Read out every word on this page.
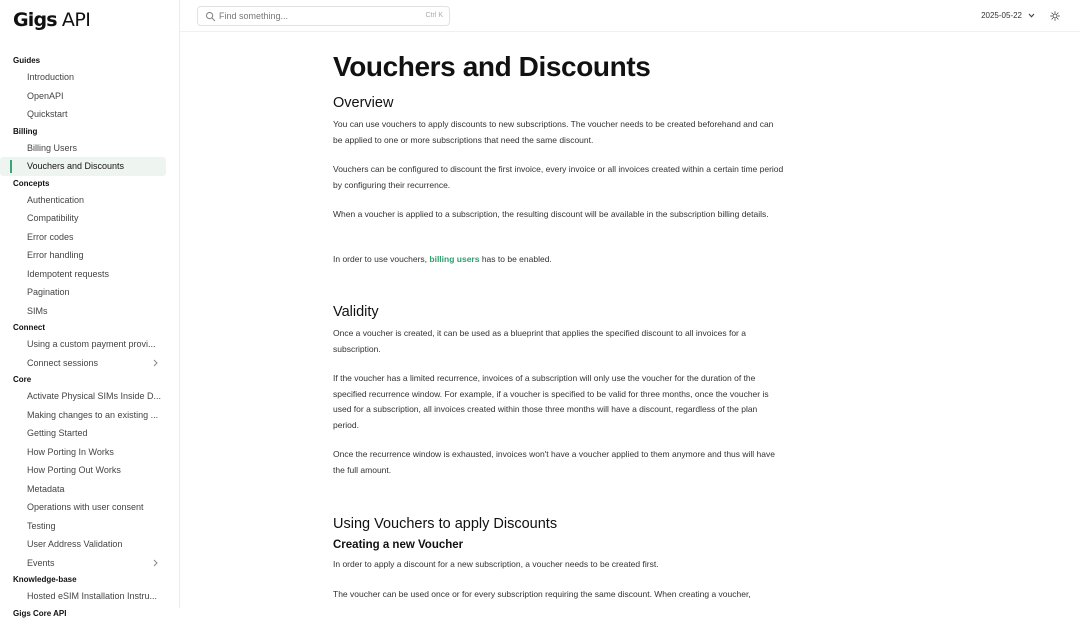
Gigs API
Guides
Introduction
OpenAPI
Quickstart
Billing
Billing Users
Vouchers and Discounts
Concepts
Authentication
Compatibility
Error codes
Error handling
Idempotent requests
Pagination
SIMs
Connect
Using a custom payment provi...
Connect sessions
Core
Activate Physical SIMs Inside D...
Making changes to an existing ...
Getting Started
How Porting In Works
How Porting Out Works
Metadata
Operations with user consent
Testing
User Address Validation
Events
Knowledge-base
Hosted eSIM Installation Instru...
Gigs Core API
Find something...	Ctrl K	2025-05-22
Vouchers and Discounts
Overview

You can use vouchers to apply discounts to new subscriptions. The voucher needs to be created beforehand and can be applied to one or more subscriptions that need the same discount.

Vouchers can be configured to discount the first invoice, every invoice or all invoices created within a certain time period by configuring their recurrence.

When a voucher is applied to a subscription, the resulting discount will be available in the subscription billing details.

In order to use vouchers, billing users has to be enabled.

Validity

Once a voucher is created, it can be used as a blueprint that applies the specified discount to all invoices for a subscription.

If the voucher has a limited recurrence, invoices of a subscription will only use the voucher for the duration of the specified recurrence window. For example, if a voucher is specified to be valid for three months, once the voucher is used for a subscription, all invoices created within those three months will have a discount, regardless of the plan period.

Once the recurrence window is exhausted, invoices won't have a voucher applied to them anymore and thus will have the full amount.

Using Vouchers to apply Discounts
Creating a new Voucher

In order to apply a discount for a new subscription, a voucher needs to be created first.

The voucher can be used once or for every subscription requiring the same discount. When creating a voucher,
